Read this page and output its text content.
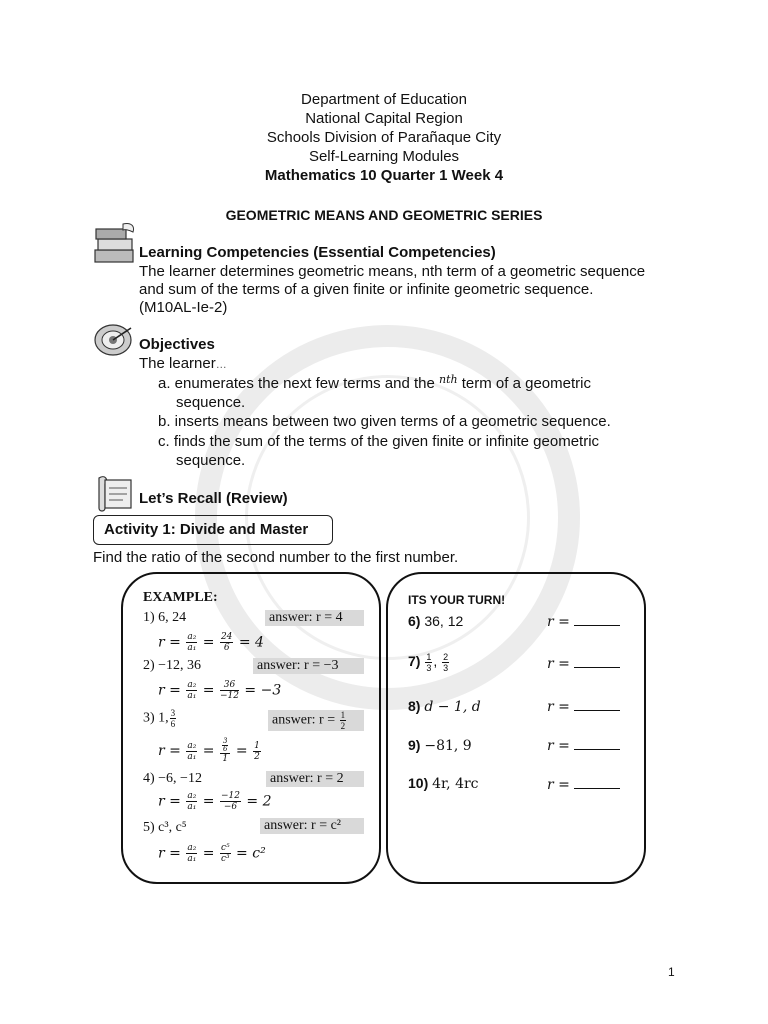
Department of Education
National Capital Region
Schools Division of Parañaque City
Self-Learning Modules
Mathematics 10 Quarter 1 Week 4
GEOMETRIC MEANS AND GEOMETRIC SERIES
Learning Competencies (Essential Competencies)
The learner determines geometric means, nth term of a geometric sequence
and sum of the terms of a given finite or infinite geometric sequence.
(M10AL-Ie-2)
Objectives
The learner…
a. enumerates the next few terms and the $^{nth}$ term of a geometric
sequence.
b. inserts means between two given terms of a geometric sequence.
c. finds the sum of the terms of the given finite or infinite geometric
sequence.
Let’s Recall (Review)
Activity 1: Divide and Master
Find the ratio of the second number to the first number.
EXAMPLE:
1) 6, 24	answer: r = 4
$r = \frac{\text{a₂}}{\text{a₁}} = \frac{24}{6} = 4$
2) −12, 36	answer: r = −3
$r = \frac{\text{a₂}}{\text{a₁}} = \frac{36}{-12} = -3$
3) 1, $\frac{3}{6}$	answer: $r = \frac{1}{2}$
$r = \frac{\text{a₂}}{\text{a₁}} = \frac{\frac{3}{6}}{1} = \frac{1}{2}$
4) −6, −12	answer: r = 2
$r = \frac{\text{a₂}}{\text{a₁}} = \frac{-12}{-6} = 2$
5) c³, c⁵	answer: r = c²
$r = \frac{\text{a₂}}{\text{a₁}} = \frac{\text{c⁵}}{\text{c³}} = c^2$
ITS YOUR TURN!
6) 36, 12	r =
$7) \frac{1}{3}$ , $\frac{2}{3}$	r =
8) d − 1, d	r =
9) −81, 9	r =
10) 4r, 4rc	r =
1
